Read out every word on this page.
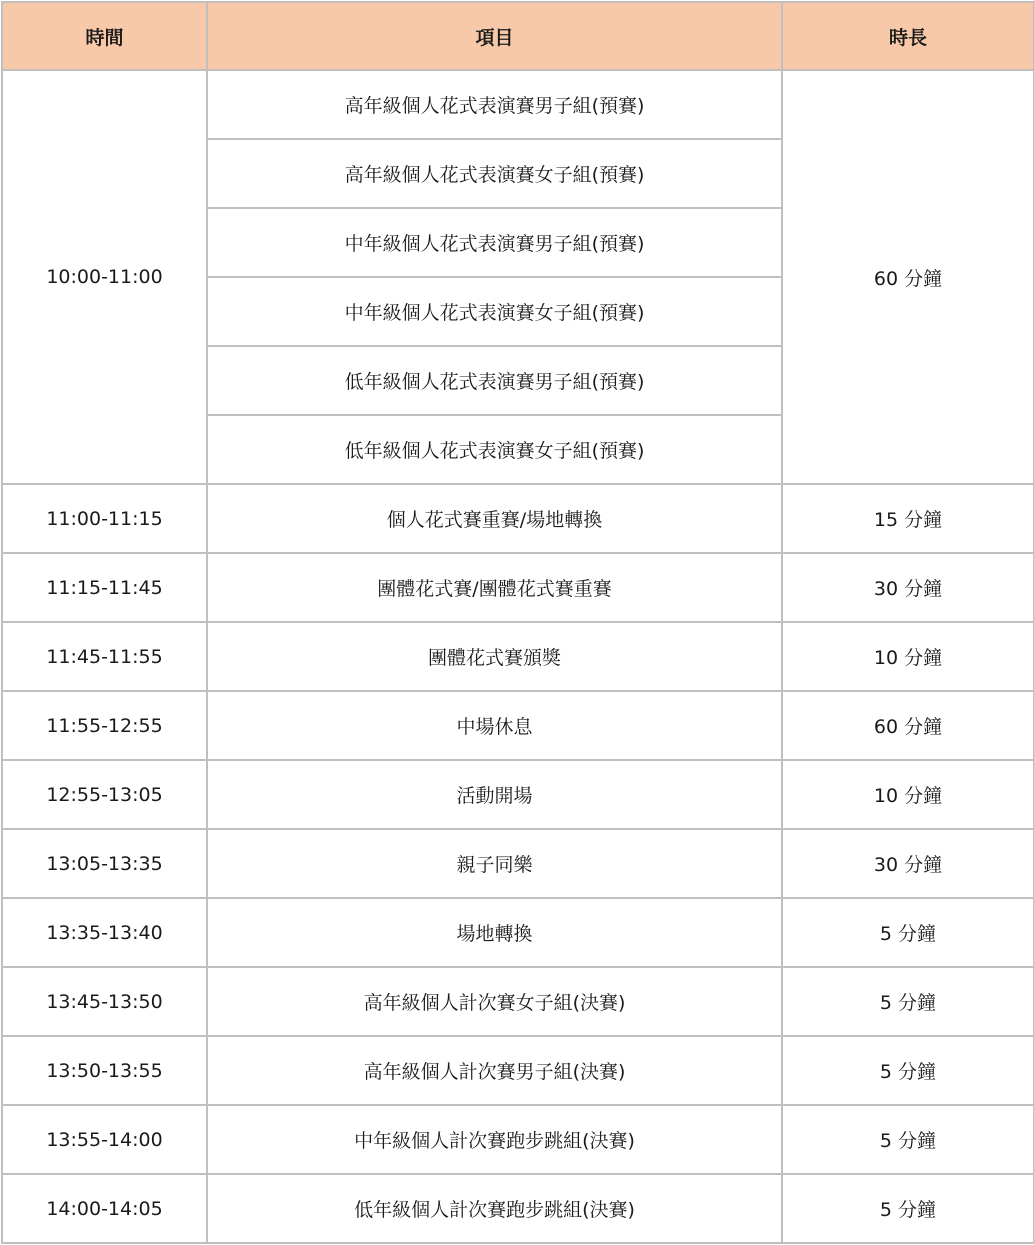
時間	項目	時長
10:00-11:00	高年級個人花式表演賽男子組(預賽)	60 分鐘
	高年級個人花式表演賽女子組(預賽)	
	中年級個人花式表演賽男子組(預賽)	
	中年級個人花式表演賽女子組(預賽)	
	低年級個人花式表演賽男子組(預賽)	
	低年級個人花式表演賽女子組(預賽)	
11:00-11:15	個人花式賽重賽/場地轉換	15 分鐘
11:15-11:45	團體花式賽/團體花式賽重賽	30 分鐘
11:45-11:55	團體花式賽頒獎	10 分鐘
11:55-12:55	中場休息	60 分鐘
12:55-13:05	活動開場	10 分鐘
13:05-13:35	親子同樂	30 分鐘
13:35-13:40	場地轉換	5 分鐘
13:45-13:50	高年級個人計次賽女子組(決賽)	5 分鐘
13:50-13:55	高年級個人計次賽男子組(決賽)	5 分鐘
13:55-14:00	中年級個人計次賽跑步跳組(決賽)	5 分鐘
14:00-14:05	低年級個人計次賽跑步跳組(決賽)	5 分鐘
